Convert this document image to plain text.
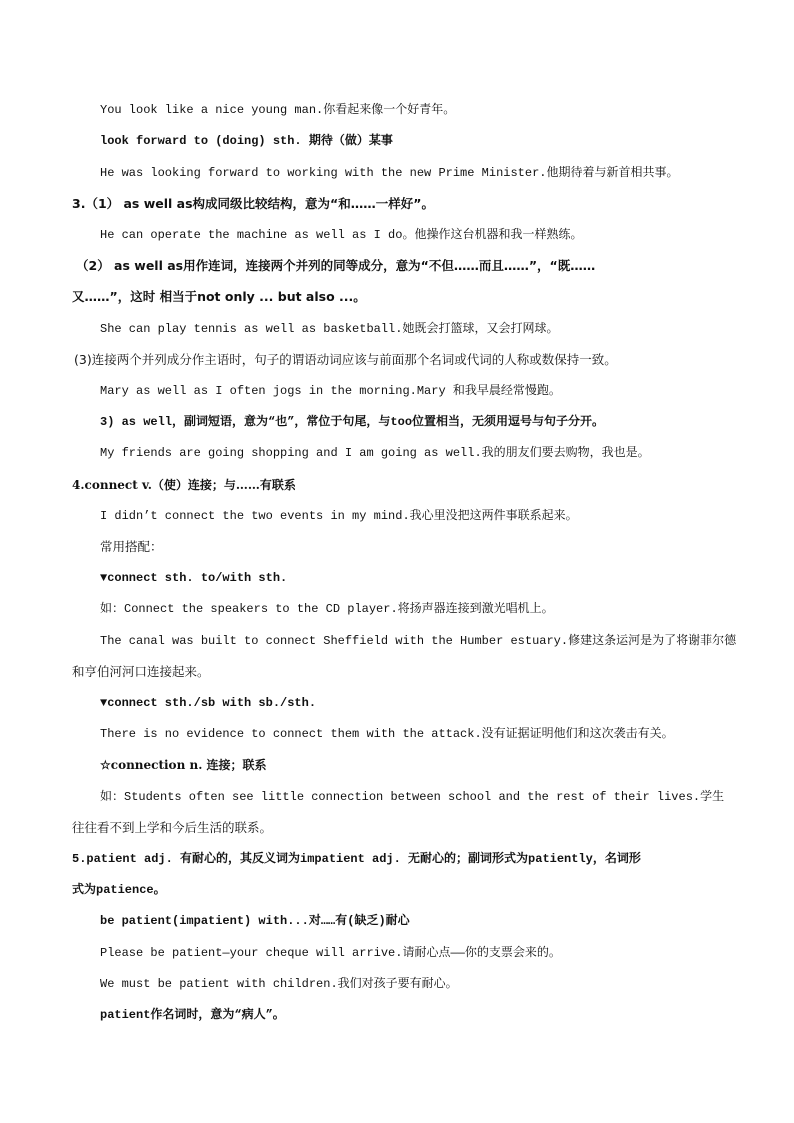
You look like a nice young man.你看起来像一个好青年。
look forward to (doing) sth. 期待（做）某事
He was looking forward to working with the new Prime Minister.他期待着与新首相共事。
3.（1） as well as构成同级比较结构，意为“和……一样好”。
He can operate the machine as well as I do。他操作这台机器和我一样熟练。
（2） as well as用作连词，连接两个并列的同等成分，意为“不但……而且……”，“既……
又……”，这时 相当于not only ... but also ...。
She can play tennis as well as basketball.她既会打篮球，又会打网球。
(3)连接两个并列成分作主语时，句子的谓语动词应该与前面那个名词或代词的人称或数保持一致。
Mary as well as I often jogs in the morning.Mary 和我早晨经常慢跑。
3) as well，副词短语，意为“也”，常位于句尾，与too位置相当，无须用逗号与句子分开。
My friends are going shopping and I am going as well.我的朋友们要去购物，我也是。
4.connect v.（使）连接；与……有联系
I didn’t connect the two events in my mind.我心里没把这两件事联系起来。
常用搭配：
▼connect sth. to/with sth.
如：Connect the speakers to the CD player.将扬声器连接到激光唱机上。
The canal was built to connect Sheffield with the Humber estuary.修建这条运河是为了将谢菲尔德
和亨伯河河口连接起来。
▼connect sth./sb with sb./sth.
There is no evidence to connect them with the attack.没有证据证明他们和这次袭击有关。
☆connection n. 连接；联系
如：Students often see little connection between school and the rest of their lives.学生
往往看不到上学和今后生活的联系。
5.patient adj. 有耐心的，其反义词为impatient adj. 无耐心的；副词形式为patiently，名词形
式为patience。
be patient(impatient) with...对……有(缺乏)耐心
Please be patient—your cheque will arrive.请耐心点——你的支票会来的。
We must be patient with children.我们对孩子要有耐心。
patient作名词时，意为“病人”。
